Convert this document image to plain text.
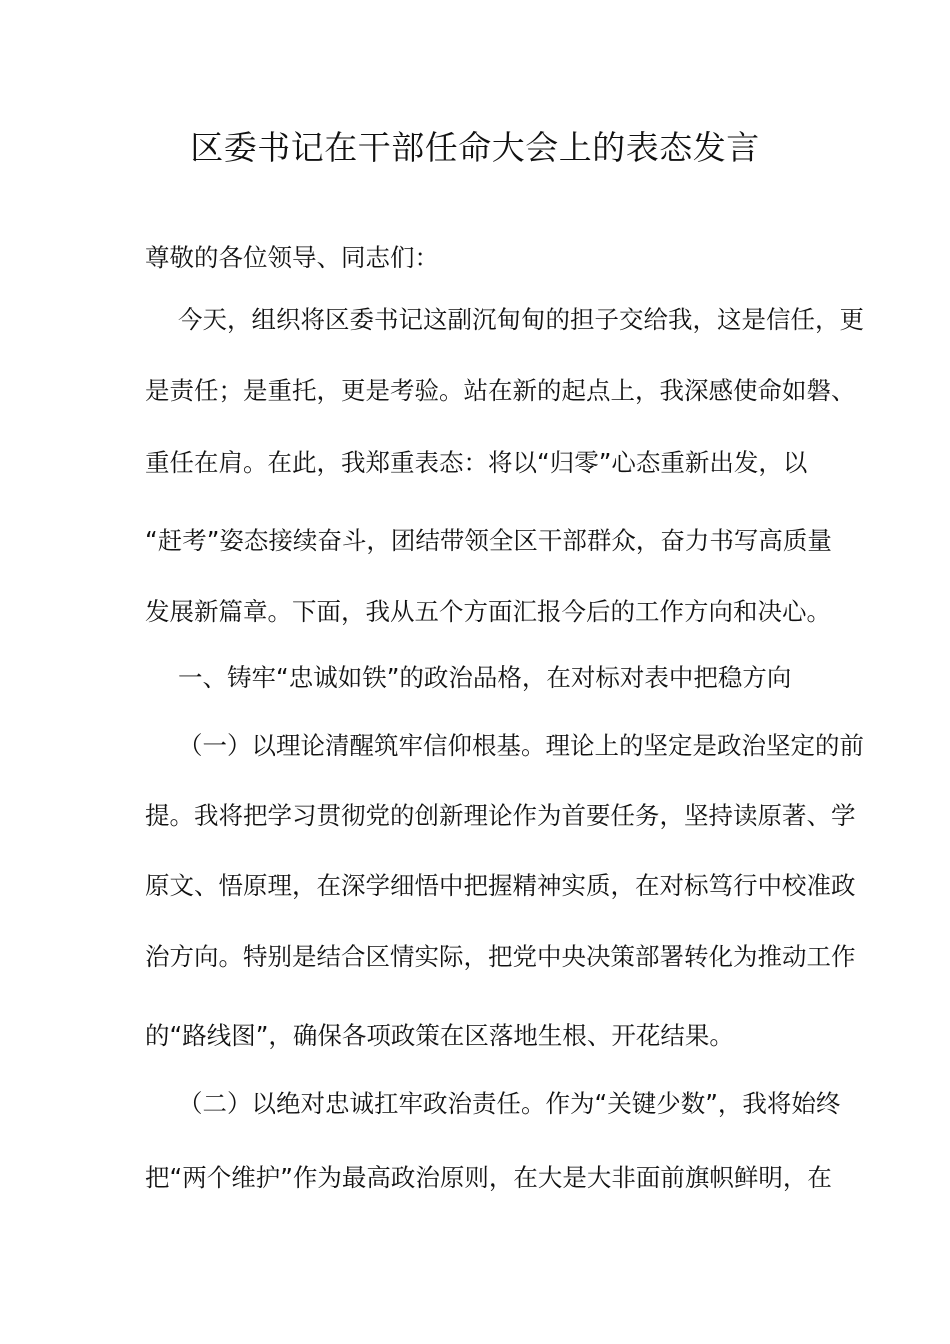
区委书记在干部任命大会上的表态发言
尊敬的各位领导、同志们：
今天，组织将区委书记这副沉甸甸的担子交给我，这是信任，更
是责任；是重托，更是考验。站在新的起点上，我深感使命如磐、
重任在肩。在此，我郑重表态：将以“归零”心态重新出发，以
“赶考”姿态接续奋斗，团结带领全区干部群众，奋力书写高质量
发展新篇章。下面，我从五个方面汇报今后的工作方向和决心。
一、铸牢“忠诚如铁”的政治品格，在对标对表中把稳方向
（一）以理论清醒筑牢信仰根基。理论上的坚定是政治坚定的前
提。我将把学习贯彻党的创新理论作为首要任务，坚持读原著、学
原文、悟原理，在深学细悟中把握精神实质，在对标笃行中校准政
治方向。特别是结合区情实际，把党中央决策部署转化为推动工作
的“路线图”，确保各项政策在区落地生根、开花结果。
（二）以绝对忠诚扛牢政治责任。作为“关键少数”，我将始终
把“两个维护”作为最高政治原则，在大是大非面前旗帜鲜明，在
